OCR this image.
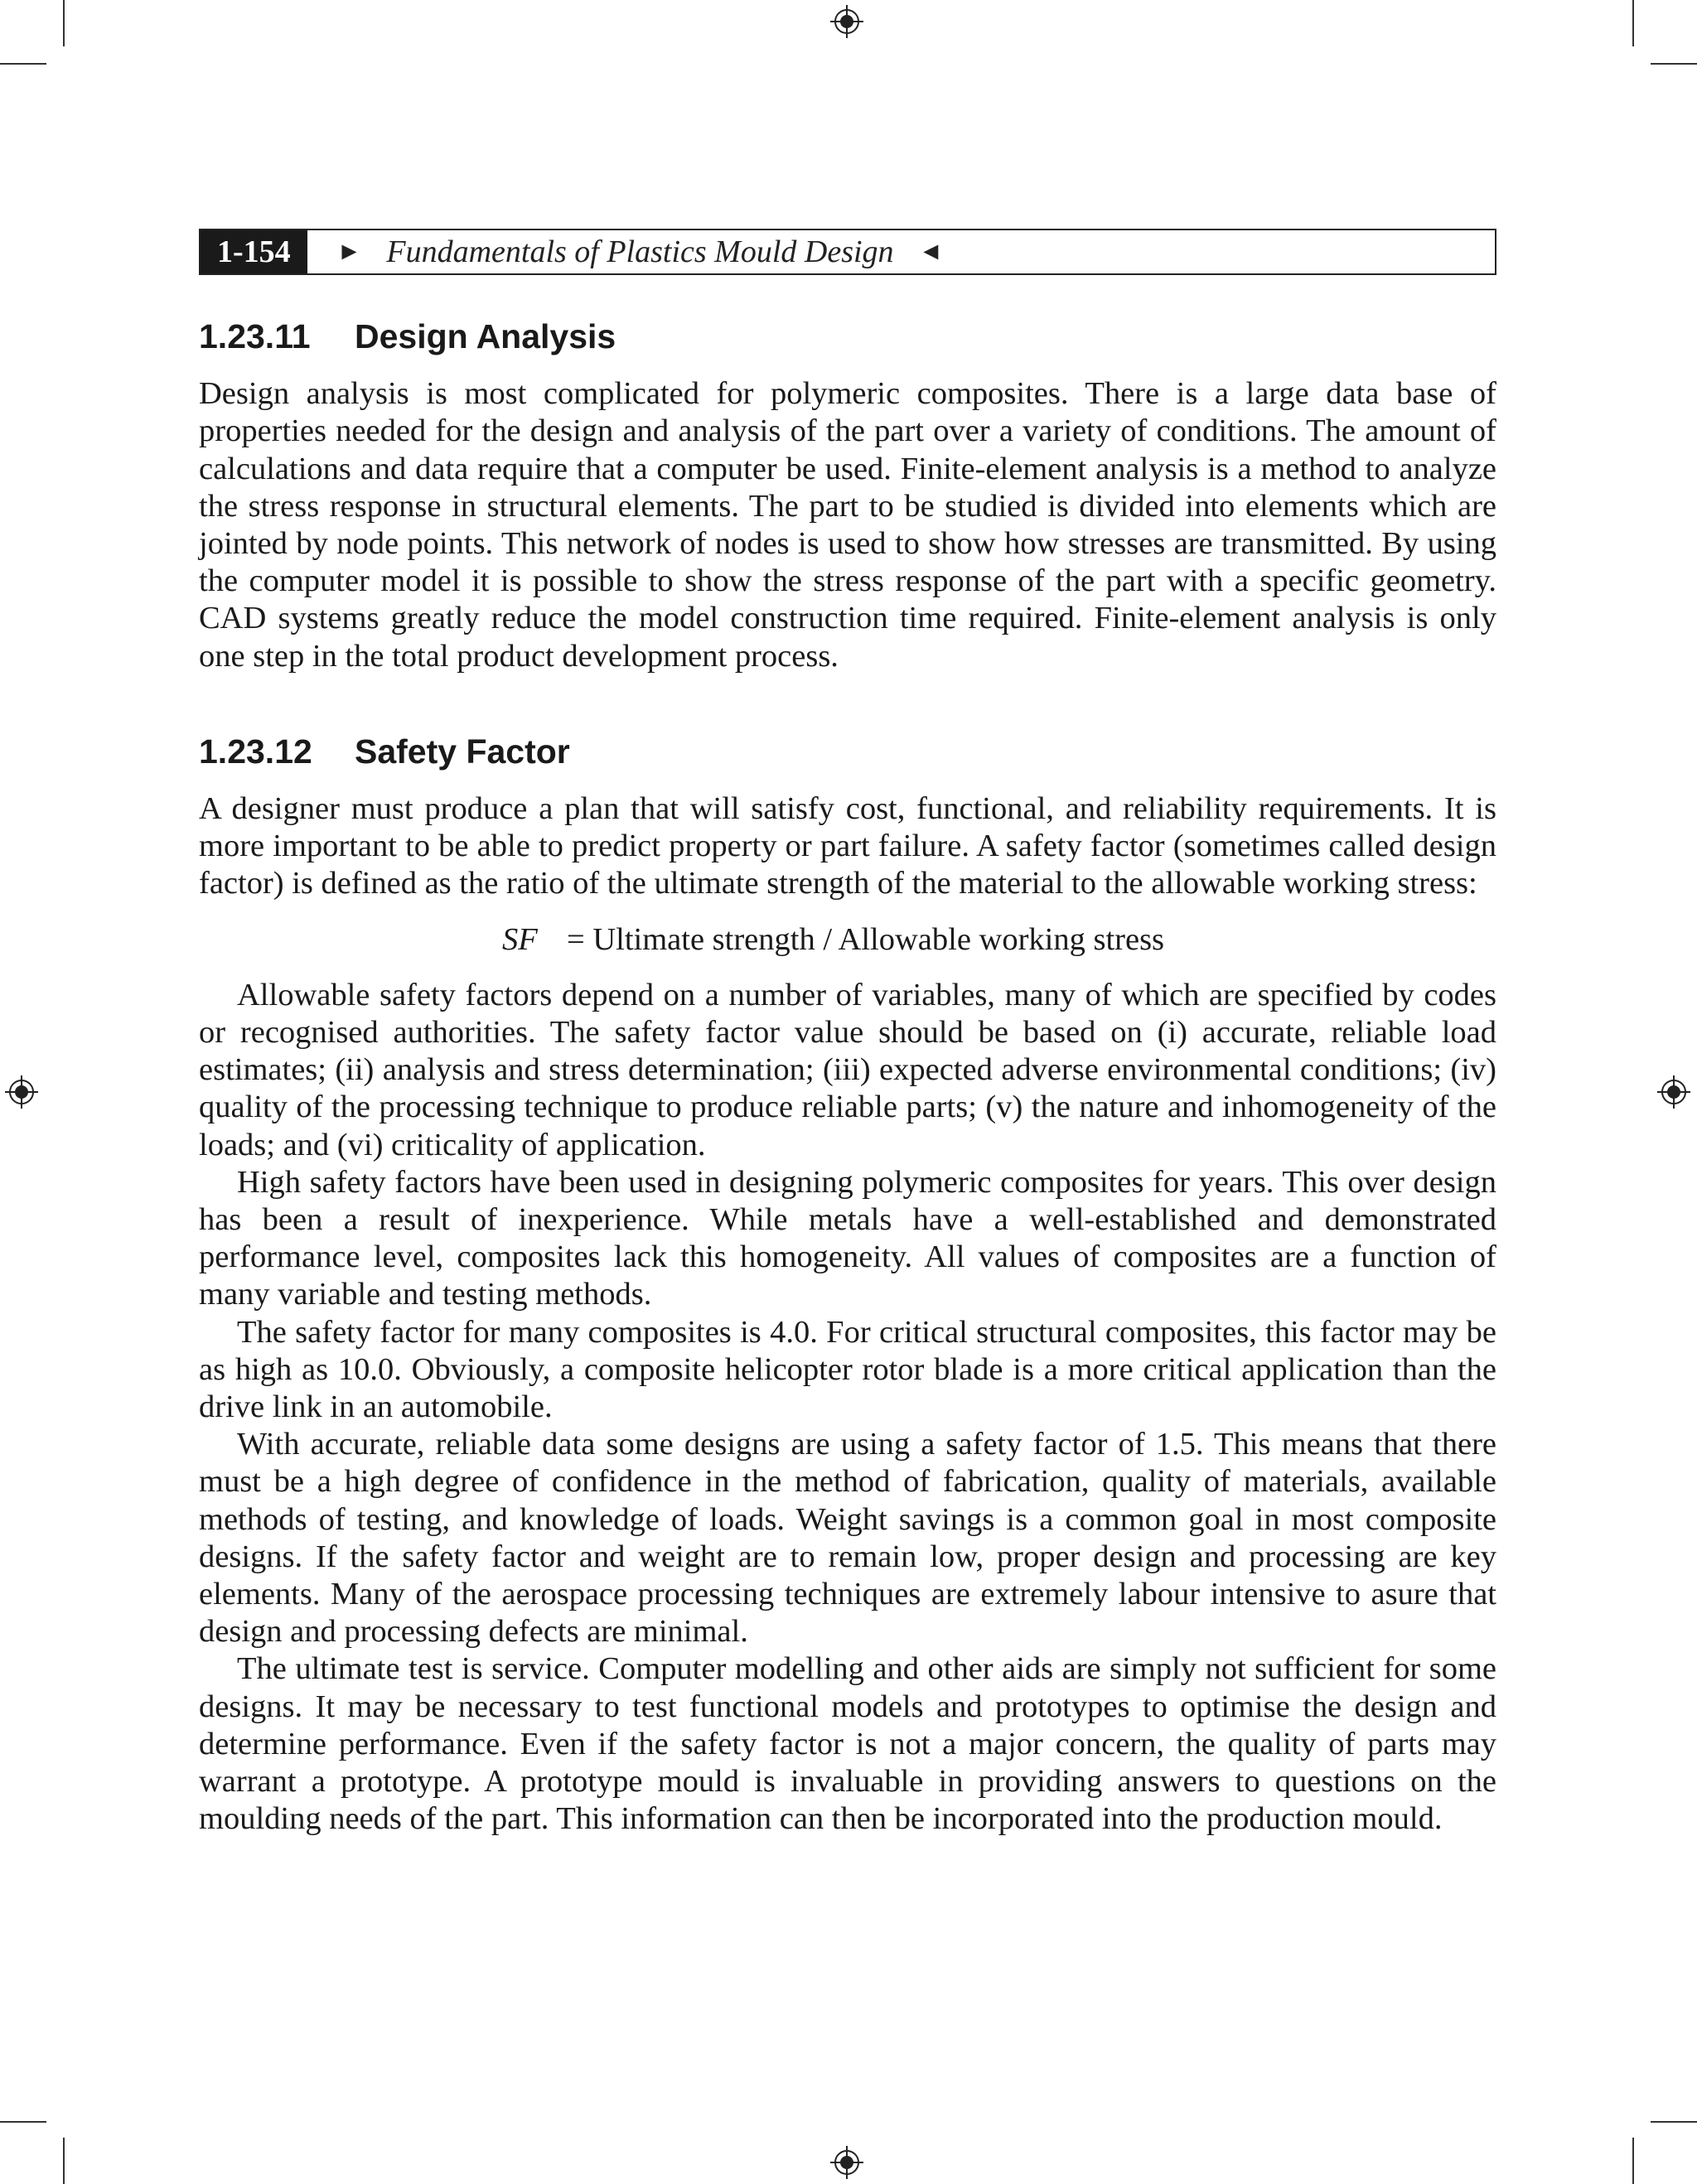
1-154	► Fundamentals of Plastics Mould Design ◄
1.23.11 Design Analysis

Design analysis is most complicated for polymeric composites. There is a large data base of properties needed for the design and analysis of the part over a variety of conditions. The amount of calculations and data require that a computer be used. Finite-element analysis is a method to analyze the stress response in structural elements. The part to be studied is divided into elements which are jointed by node points. This network of nodes is used to show how stresses are transmitted. By using the computer model it is possible to show the stress response of the part with a specific geometry. CAD systems greatly reduce the model construction time required. Finite-element analysis is only one step in the total product development process.

1.23.12 Safety Factor

A designer must produce a plan that will satisfy cost, functional, and reliability requirements. It is more important to be able to predict property or part failure. A safety factor (sometimes called design factor) is defined as the ratio of the ultimate strength of the material to the allowable working stress:

SF = Ultimate strength / Allowable working stress

Allowable safety factors depend on a number of variables, many of which are specified by codes or recognised authorities. The safety factor value should be based on (i) accurate, reliable load estimates; (ii) analysis and stress determination; (iii) expected adverse environmental conditions; (iv) quality of the processing technique to produce reliable parts; (v) the nature and inhomogeneity of the loads; and (vi) criticality of application.

High safety factors have been used in designing polymeric composites for years. This over design has been a result of inexperience. While metals have a well-established and demonstrated performance level, composites lack this homogeneity. All values of composites are a function of many variable and testing methods.

The safety factor for many composites is 4.0. For critical structural composites, this factor may be as high as 10.0. Obviously, a composite helicopter rotor blade is a more critical application than the drive link in an automobile.

With accurate, reliable data some designs are using a safety factor of 1.5. This means that there must be a high degree of confidence in the method of fabrication, quality of materials, available methods of testing, and knowledge of loads. Weight savings is a common goal in most composite designs. If the safety factor and weight are to remain low, proper design and processing are key elements. Many of the aerospace processing techniques are extremely labour intensive to asure that design and processing defects are minimal.

The ultimate test is service. Computer modelling and other aids are simply not sufficient for some designs. It may be necessary to test functional models and prototypes to optimise the design and determine performance. Even if the safety factor is not a major concern, the quality of parts may warrant a prototype. A prototype mould is invaluable in providing answers to questions on the moulding needs of the part. This information can then be incorporated into the production mould.
